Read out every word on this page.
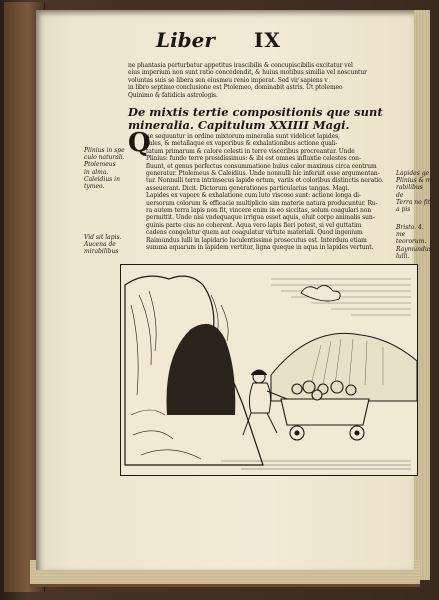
Liber IX
ne phantasia perturbatur appetitus irascibilis & concupiscibilis excitatur vel
eius imperium non sunt ratio concedendit, & huius motibus similia vel noscuntur
voluntas suis se libera sen eiusmeu renio imperat. Sed vir sapiens v
in libro septimo conclusione est Ptolemeo, dominabit astris. Ut ptolemeo
Quinimo & fatidicis astrologis.
De mixtis tertie compositionis que sunt
mineralia. Capitulum XXIIII Magi.
Q
ue sequuntur in ordine mixtorum mineralia sunt videlicet lapides,
sales, & metallaque ex vaporibus & exhalationibus actione quali-
tatum primarum & calore celesti in terre visceribus procreantur. Unde
Plinius: fundo terre presidissimus: & ibi est omnes influxtie celestes con-
fluunt, et genus perfectus consummatione huius calor maximus circa centrum
generatur. Ptolemeus & Caleidius. Unde nonnulli hic inferuit esse argumentan-
tur. Nonnulli terra intrinsecus lapide ortum, variis et coloribus distinctis neratio.
asseuerant. Dicit. Dictorum generationes particularius tangas. Magi.
Lapides ex vapore & exhalatione cum luto viscoso sunt: actione longa di-
uersorum colorum & efficacie multiplicio sim materie natura producuntur. Ru-
ra autem terra lapis non fit, vincere enim in eo siccitas, solum coagulari non
permittit. Unde nisi vndequaque irrigua esset aquis, eluit corpo animalis sun-
guinis parte cius no coherent. Aqua vero lapis fieri potest, si vel guttatim
cadens congelatur quem aut coagulatur virtute materiali. Quod ingenium
Raimundus lulli in lapidario luculentissime prosecutus est. Interdum etiam
summa aquarum in lapidem vertitur, ligna queque in aqua in lapides vertunt.
Plinius in spe
culo naturali.
Ptolemeus
in alma.
Caleidius in
tymeo.
Vid sit lapis.
Aucena de
mirabilibus
Lapides ge
Plinius & m
rabilibus de
Terra no fit
a pis
Bristo. 4. me
teororum.
Raymundus
lulli.
